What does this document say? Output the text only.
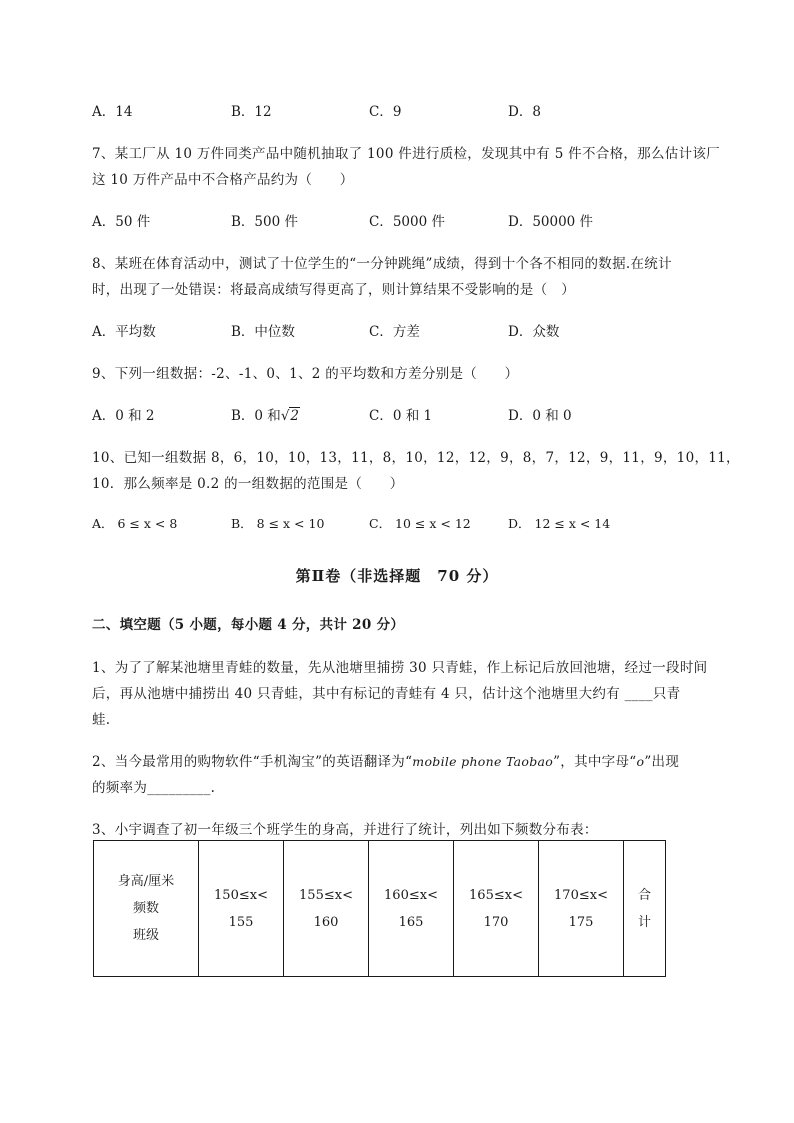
A．14	B．12	C．9	D．8
7、某工厂从 10 万件同类产品中随机抽取了 100 件进行质检，发现其中有 5 件不合格，那么估计该厂
这 10 万件产品中不合格产品约为（　　）
A．50 件	B．500 件	C．5000 件	D．50000 件
8、某班在体育活动中，测试了十位学生的“一分钟跳绳”成绩，得到十个各不相同的数据.在统计
时，出现了一处错误：将最高成绩写得更高了，则计算结果不受影响的是（　）
A．平均数	B．中位数	C．方差	D．众数
9、下列一组数据：-2、-1、0、1、2 的平均数和方差分别是（　　）
A．0 和 2	B．0 和√2	C．0 和 1	D．0 和 0
10、已知一组数据 8，6，10，10，13，11，8，10，12，12，9，8，7，12，9，11，9，10，11，
10．那么频率是 0.2 的一组数据的范围是（　　）
A． 6 ≤ x < 8	B． 8 ≤ x < 10	C． 10 ≤ x < 12	D． 12 ≤ x < 14
第Ⅱ卷（非选择题　70 分）
二、填空题（5 小题，每小题 4 分，共计 20 分）
1、为了了解某池塘里青蛙的数量，先从池塘里捕捞 30 只青蛙，作上标记后放回池塘，经过一段时间
后，再从池塘中捕捞出 40 只青蛙，其中有标记的青蛙有 4 只，估计这个池塘里大约有 ____只青
蛙.
2、当今最常用的购物软件“手机淘宝”的英语翻译为“mobile phone Taobao”，其中字母“o”出现
的频率为_________.
3、小宇调查了初一年级三个班学生的身高，并进行了统计，列出如下频数分布表：
身高/厘米
频数
班级

150≤x<
155

155≤x<
160

160≤x<
165

165≤x<
170

170≤x<
175

合
计
